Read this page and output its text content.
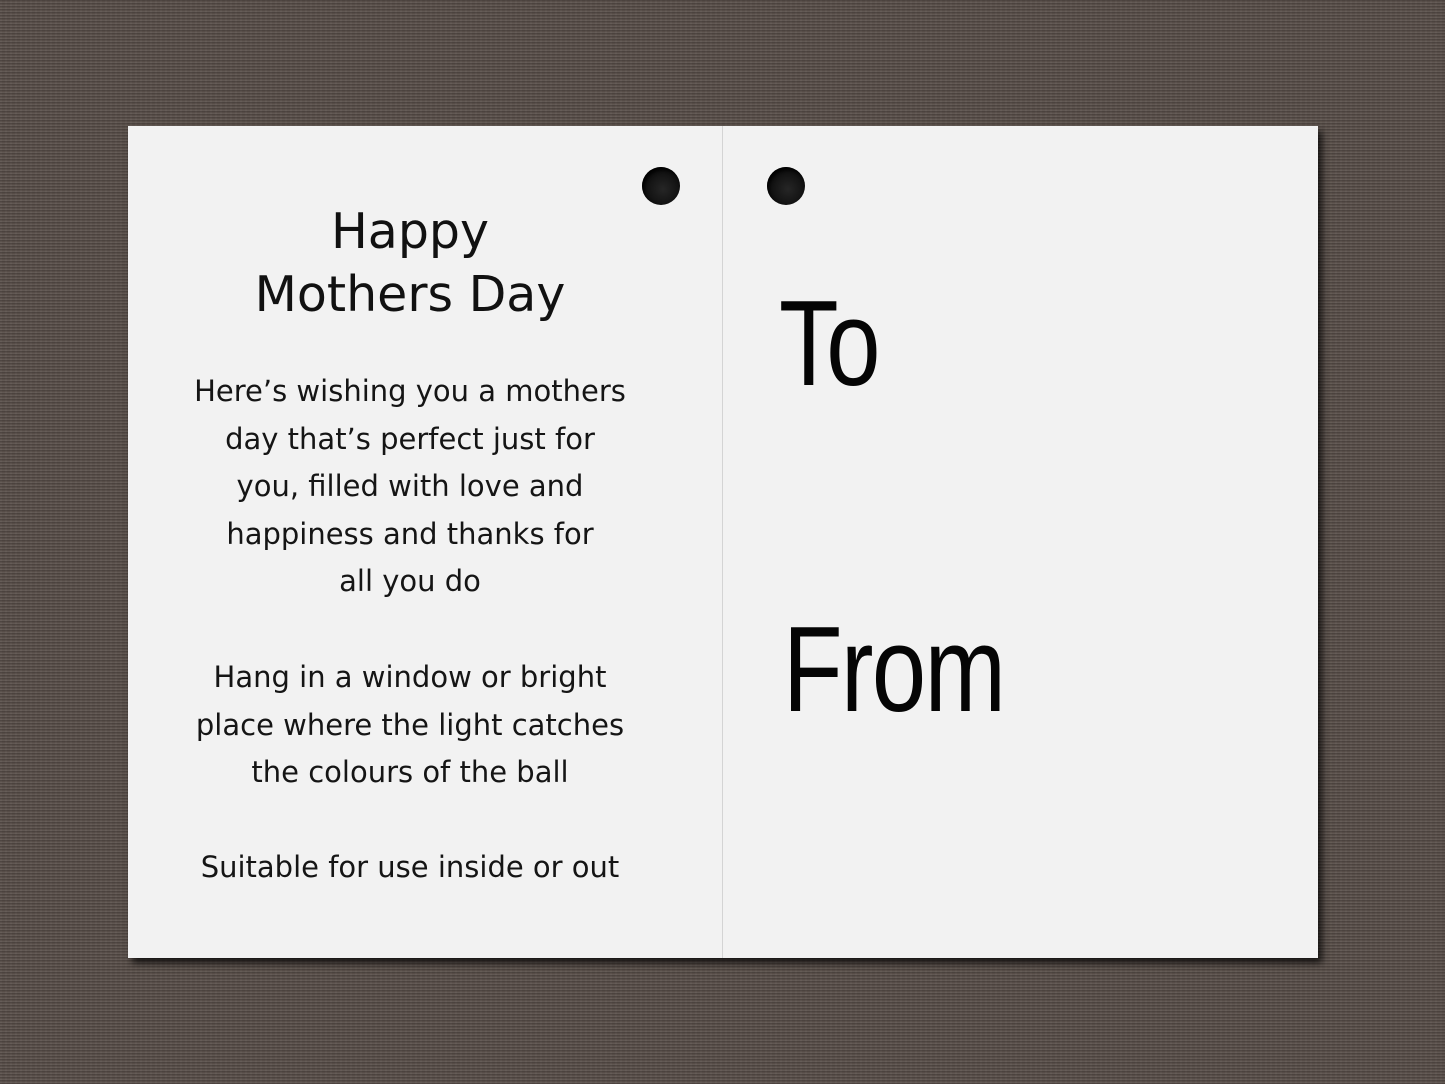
Happy
Mothers Day
Here’s wishing you a mothers
day that’s perfect just for
you, filled with love and
happiness and thanks for
all you do
Hang in a window or bright
place where the light catches
the colours of the ball
Suitable for use inside or out
To
From
